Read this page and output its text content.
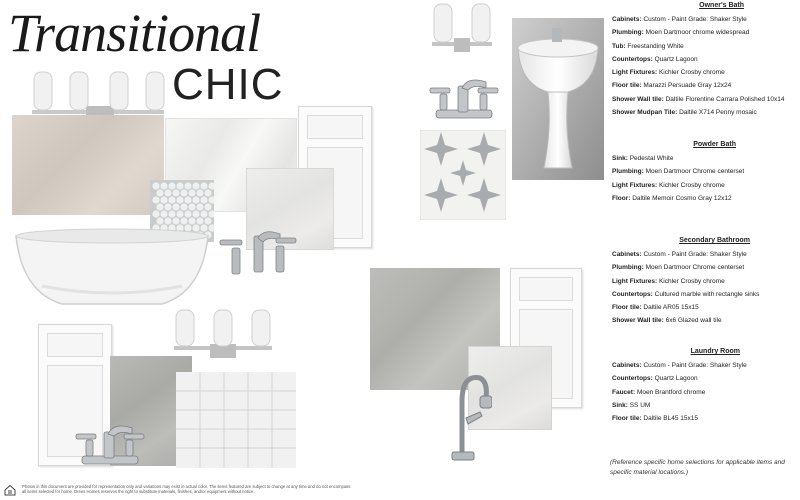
Transitional
CHIC
Photos in this document are provided for representation only and variations may exist in actual color. The items featured are subject to change at any time and do not encompass all items selected for home. Drees Homes reserves the right to substitute materials, finishes, and/or equipment without notice.
Owner's Bath
Cabinets: Custom - Paint Grade: Shaker Style
Plumbing: Moen Dartmoor chrome widespread
Tub: Freestanding White
Countertops: Quartz Lagoon
Light Fixtures: Kichler Crosby chrome
Floor tile: Marazzi Persuade Gray 12x24
Shower Wall tile: Daltile Florentine Carrara Polished 10x14
Shower Mudpan Tile: Daltile X714 Penny mosaic
Powder Bath
Sink: Pedestal White
Plumbing: Moen Dartmoor Chrome centerset
Light Fixtures: Kichler Crosby chrome
Floor: Daltile Memoir Cosmo Gray 12x12
Secondary Bathroom
Cabinets: Custom - Paint Grade: Shaker Style
Plumbing: Moen Dartmoor Chrome centerset
Light Fixtures: Kichler Crosby chrome
Countertops: Cultured marble with rectangle sinks
Floor tile: Daltile AR05 15x15
Shower Wall tile: 6x6 Glazed wall tile
Laundry Room
Cabinets: Custom - Paint Grade: Shaker Style
Countertops: Quartz Lagoon
Faucet: Moen Brantford chrome
Sink: SS UM
Floor tile: Daltile BL45 15x15
(Reference specific home selections for applicable items and specific material locations.)
